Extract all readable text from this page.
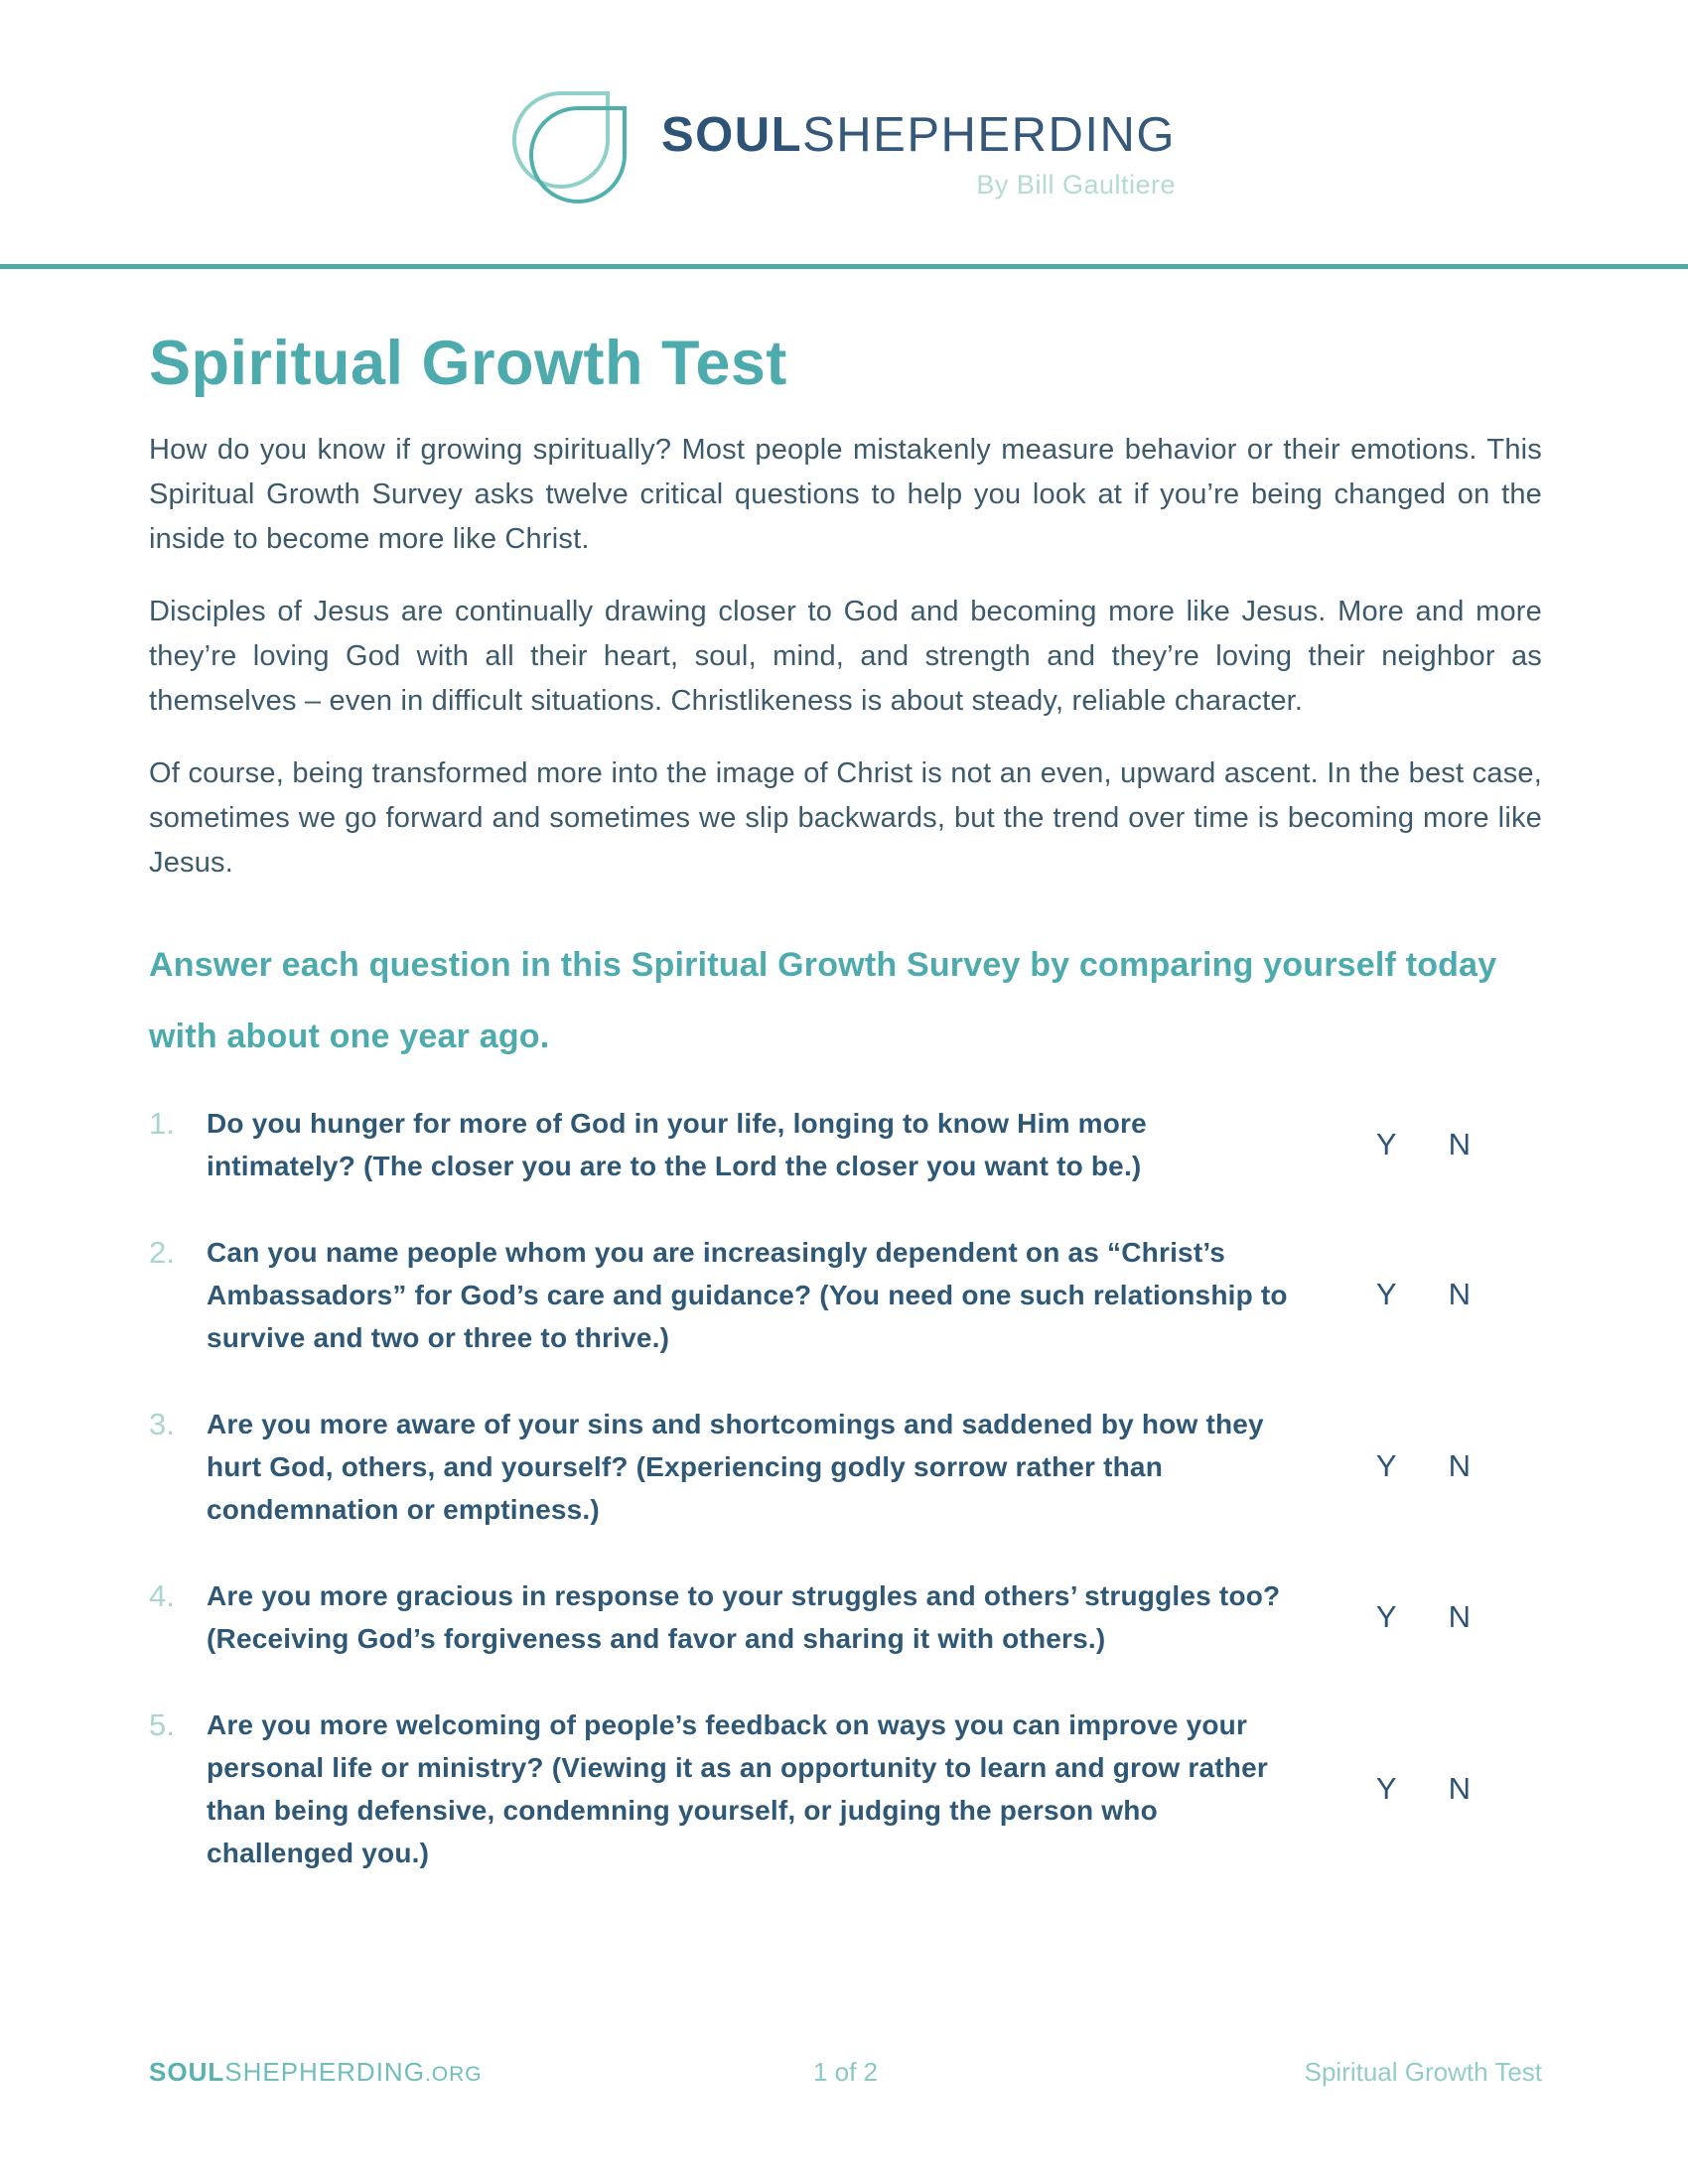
SOULSHEPHERDING
By Bill Gaultiere
Spiritual Growth Test

How do you know if growing spiritually? Most people mistakenly measure behavior or their emotions. This Spiritual Growth Survey asks twelve critical questions to help you look at if you’re being changed on the inside to become more like Christ.

Disciples of Jesus are continually drawing closer to God and becoming more like Jesus. More and more they’re loving God with all their heart, soul, mind, and strength and they’re loving their neighbor as themselves – even in difficult situations. Christlikeness is about steady, reliable character.

Of course, being transformed more into the image of Christ is not an even, upward ascent. In the best case, sometimes we go forward and sometimes we slip backwards, but the trend over time is becoming more like Jesus.

Answer each question in this Spiritual Growth Survey by comparing yourself today with about one year ago.
1.	Do you hunger for more of God in your life, longing to know Him more intimately? (The closer you are to the Lord the closer you want to be.)
Y N
2.	Can you name people whom you are increasingly dependent on as “Christ’s Ambassadors” for God’s care and guidance? (You need one such relationship to survive and two or three to thrive.)
Y N
3.	Are you more aware of your sins and shortcomings and saddened by how they hurt God, others, and yourself? (Experiencing godly sorrow rather than condemnation or emptiness.)
Y N
4.	Are you more gracious in response to your struggles and others’ struggles too? (Receiving God’s forgiveness and favor and sharing it with others.)
Y N
5.	Are you more welcoming of people’s feedback on ways you can improve your personal life or ministry? (Viewing it as an opportunity to learn and grow rather than being defensive, condemning yourself, or judging the person who challenged you.)
Y N
SOULSHEPHERDING.ORG	1 of 2	Spiritual Growth Test
